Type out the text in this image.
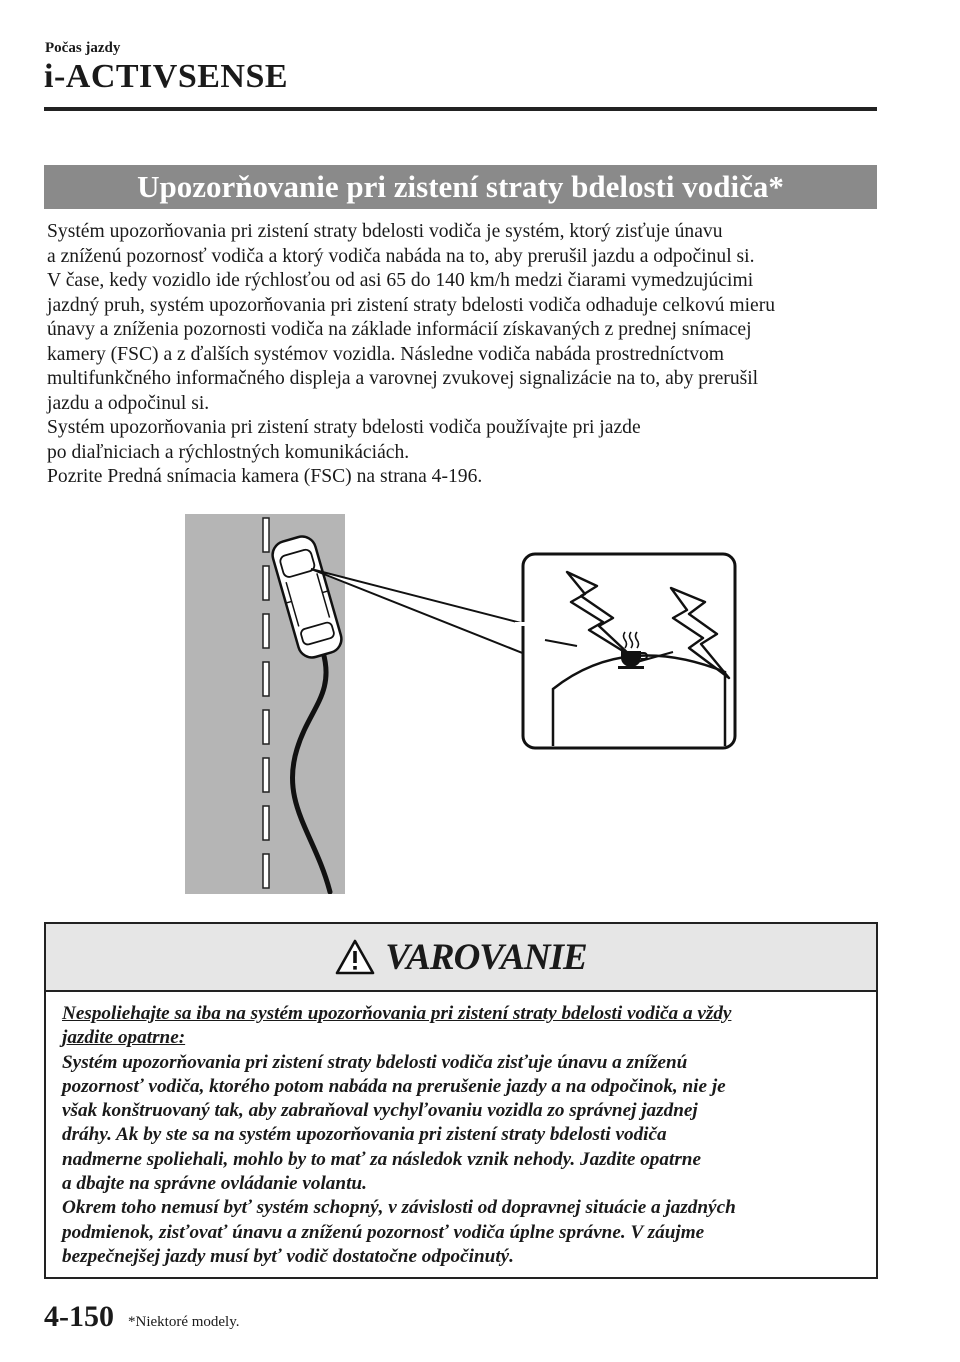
Počas jazdy
i-ACTIVSENSE
Upozorňovanie pri zistení straty bdelosti vodiča*

Systém upozorňovania pri zistení straty bdelosti vodiča je systém, ktorý zisťuje únavu

a zníženú pozornosť vodiča a ktorý vodiča nabáda na to, aby prerušil jazdu a odpočinul si.

V čase, kedy vozidlo ide rýchlosťou od asi 65 do 140 km/h medzi čiarami vymedzujúcimi

jazdný pruh, systém upozorňovania pri zistení straty bdelosti vodiča odhaduje celkovú mieru

únavy a zníženia pozornosti vodiča na základe informácií získavaných z prednej snímacej

kamery (FSC) a z ďalších systémov vozidla. Následne vodiča nabáda prostredníctvom

multifunkčného informačného displeja a varovnej zvukovej signalizácie na to, aby prerušil

jazdu a odpočinul si.

Systém upozorňovania pri zistení straty bdelosti vodiča používajte pri jazde

po diaľniciach a rýchlostných komunikáciách.

Pozrite Predná snímacia kamera (FSC) na strana 4-196.

VAROVANIE

Nespoliehajte sa iba na systém upozorňovania pri zistení straty bdelosti vodiča a vždy

jazdite opatrne:

Systém upozorňovania pri zistení straty bdelosti vodiča zisťuje únavu a zníženú

pozornosť vodiča, ktorého potom nabáda na prerušenie jazdy a na odpočinok, nie je

však konštruovaný tak, aby zabraňoval vychyľovaniu vozidla zo správnej jazdnej

dráhy. Ak by ste sa na systém upozorňovania pri zistení straty bdelosti vodiča

nadmerne spoliehali, mohlo by to mať za následok vznik nehody. Jazdite opatrne

a dbajte na správne ovládanie volantu.

Okrem toho nemusí byť systém schopný, v závislosti od dopravnej situácie a jazdných

podmienok, zisťovať únavu a zníženú pozornosť vodiča úplne správne. V záujme

bezpečnejšej jazdy musí byť vodič dostatočne odpočinutý.

4-150 *Niektoré modely.
